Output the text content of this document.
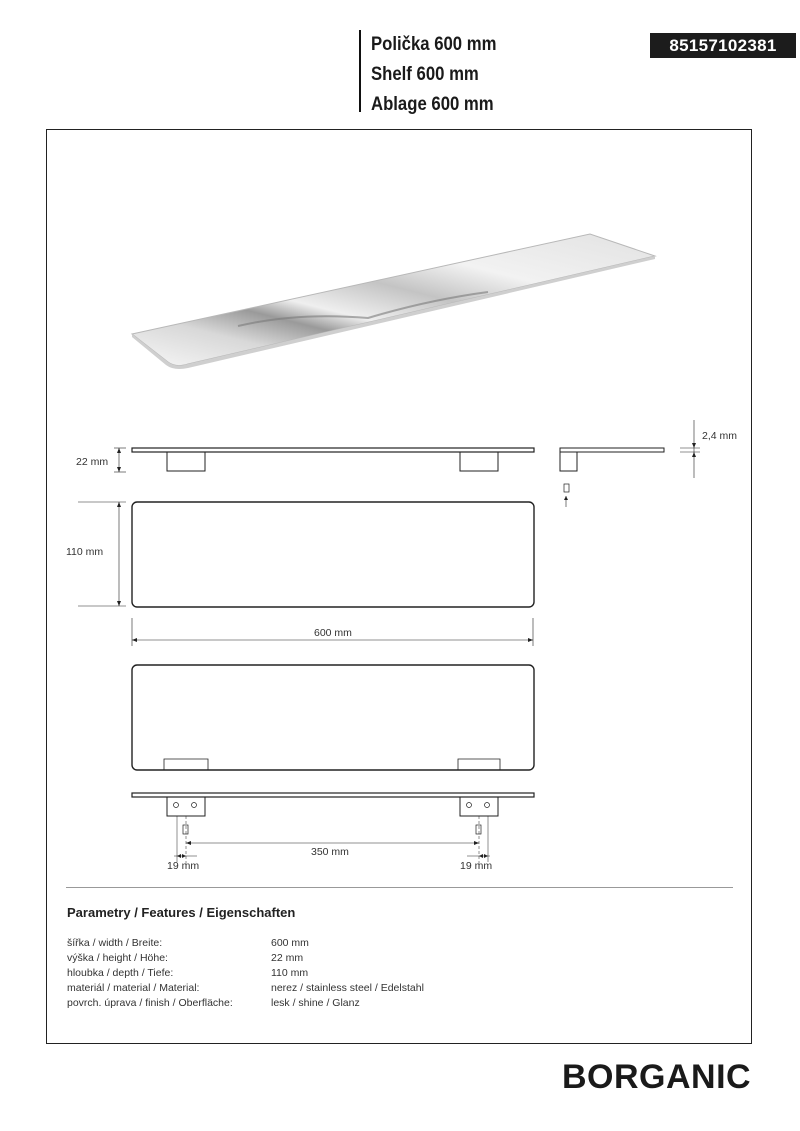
Polička 600 mm
Shelf 600 mm
Ablage 600 mm
85157102381
2,4 mm
22 mm
110 mm
600 mm
350 mm
19 mm	19 mm
Parametry / Features / Eigenschaften
šířka / width / Breite:	600 mm
výška / height / Höhe:	22 mm
hloubka / depth / Tiefe:	110 mm
materiál / material / Material:	nerez / stainless steel / Edelstahl
povrch. úprava / finish / Oberfläche:	lesk / shine / Glanz
BORGANIC
